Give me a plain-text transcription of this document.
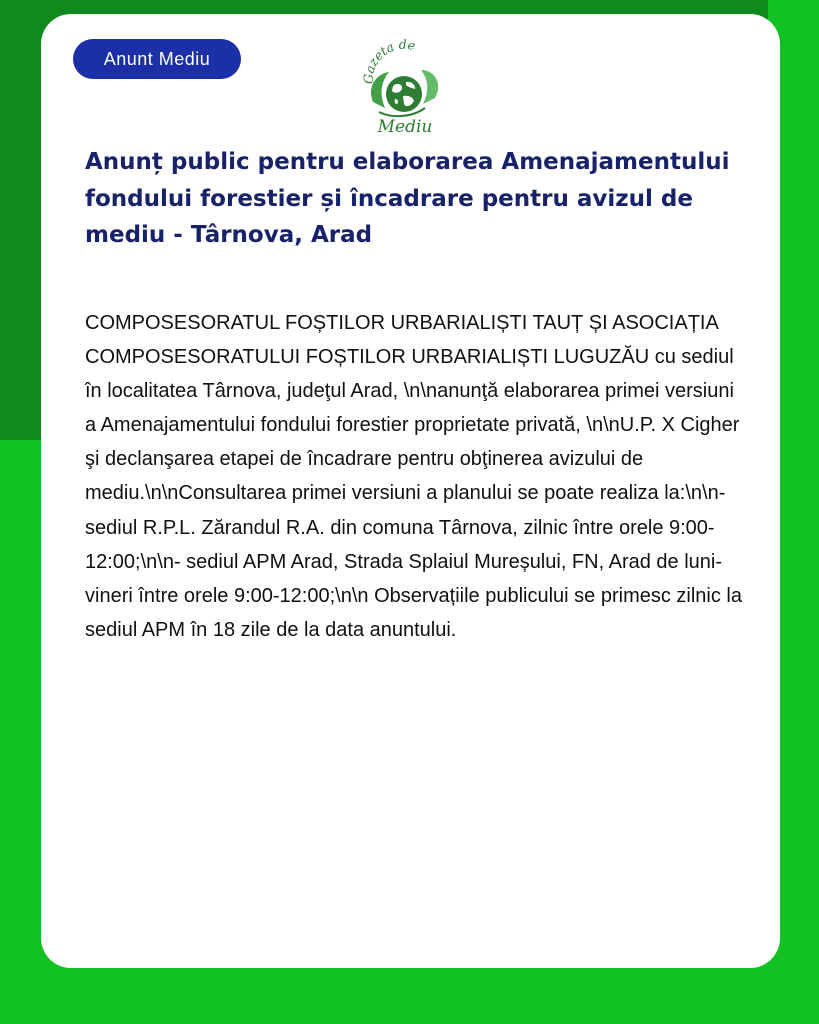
Anunt Mediu
Gazeta de
Mediu
Anunț public pentru elaborarea Amenajamentului fondului forestier și încadrare pentru avizul de mediu - Târnova, Arad

COMPOSESORATUL FOȘTILOR URBARIALIȘTI TAUȚ ȘI ASOCIAȚIA COMPOSESORATULUI FOȘTILOR URBARIALIȘTI LUGUZĂU cu sediul în localitatea Târnova, judeţul Arad, \n\nanunţă elaborarea primei versiuni a Amenajamentului fondului forestier proprietate privată, \n\nU.P. X Cigher şi declanşarea etapei de încadrare pentru obţinerea avizului de mediu.\n\nConsultarea primei versiuni a planului se poate realiza la:\n\n- sediul R.P.L. Zărandul R.A. din comuna Târnova, zilnic între orele 9:00-12:00;\n\n- sediul APM Arad, Strada Splaiul Mureșului, FN, Arad de luni-vineri între orele 9:00-12:00;\n\n Observațiile publicului se primesc zilnic la sediul APM în 18 zile de la data anuntului.
